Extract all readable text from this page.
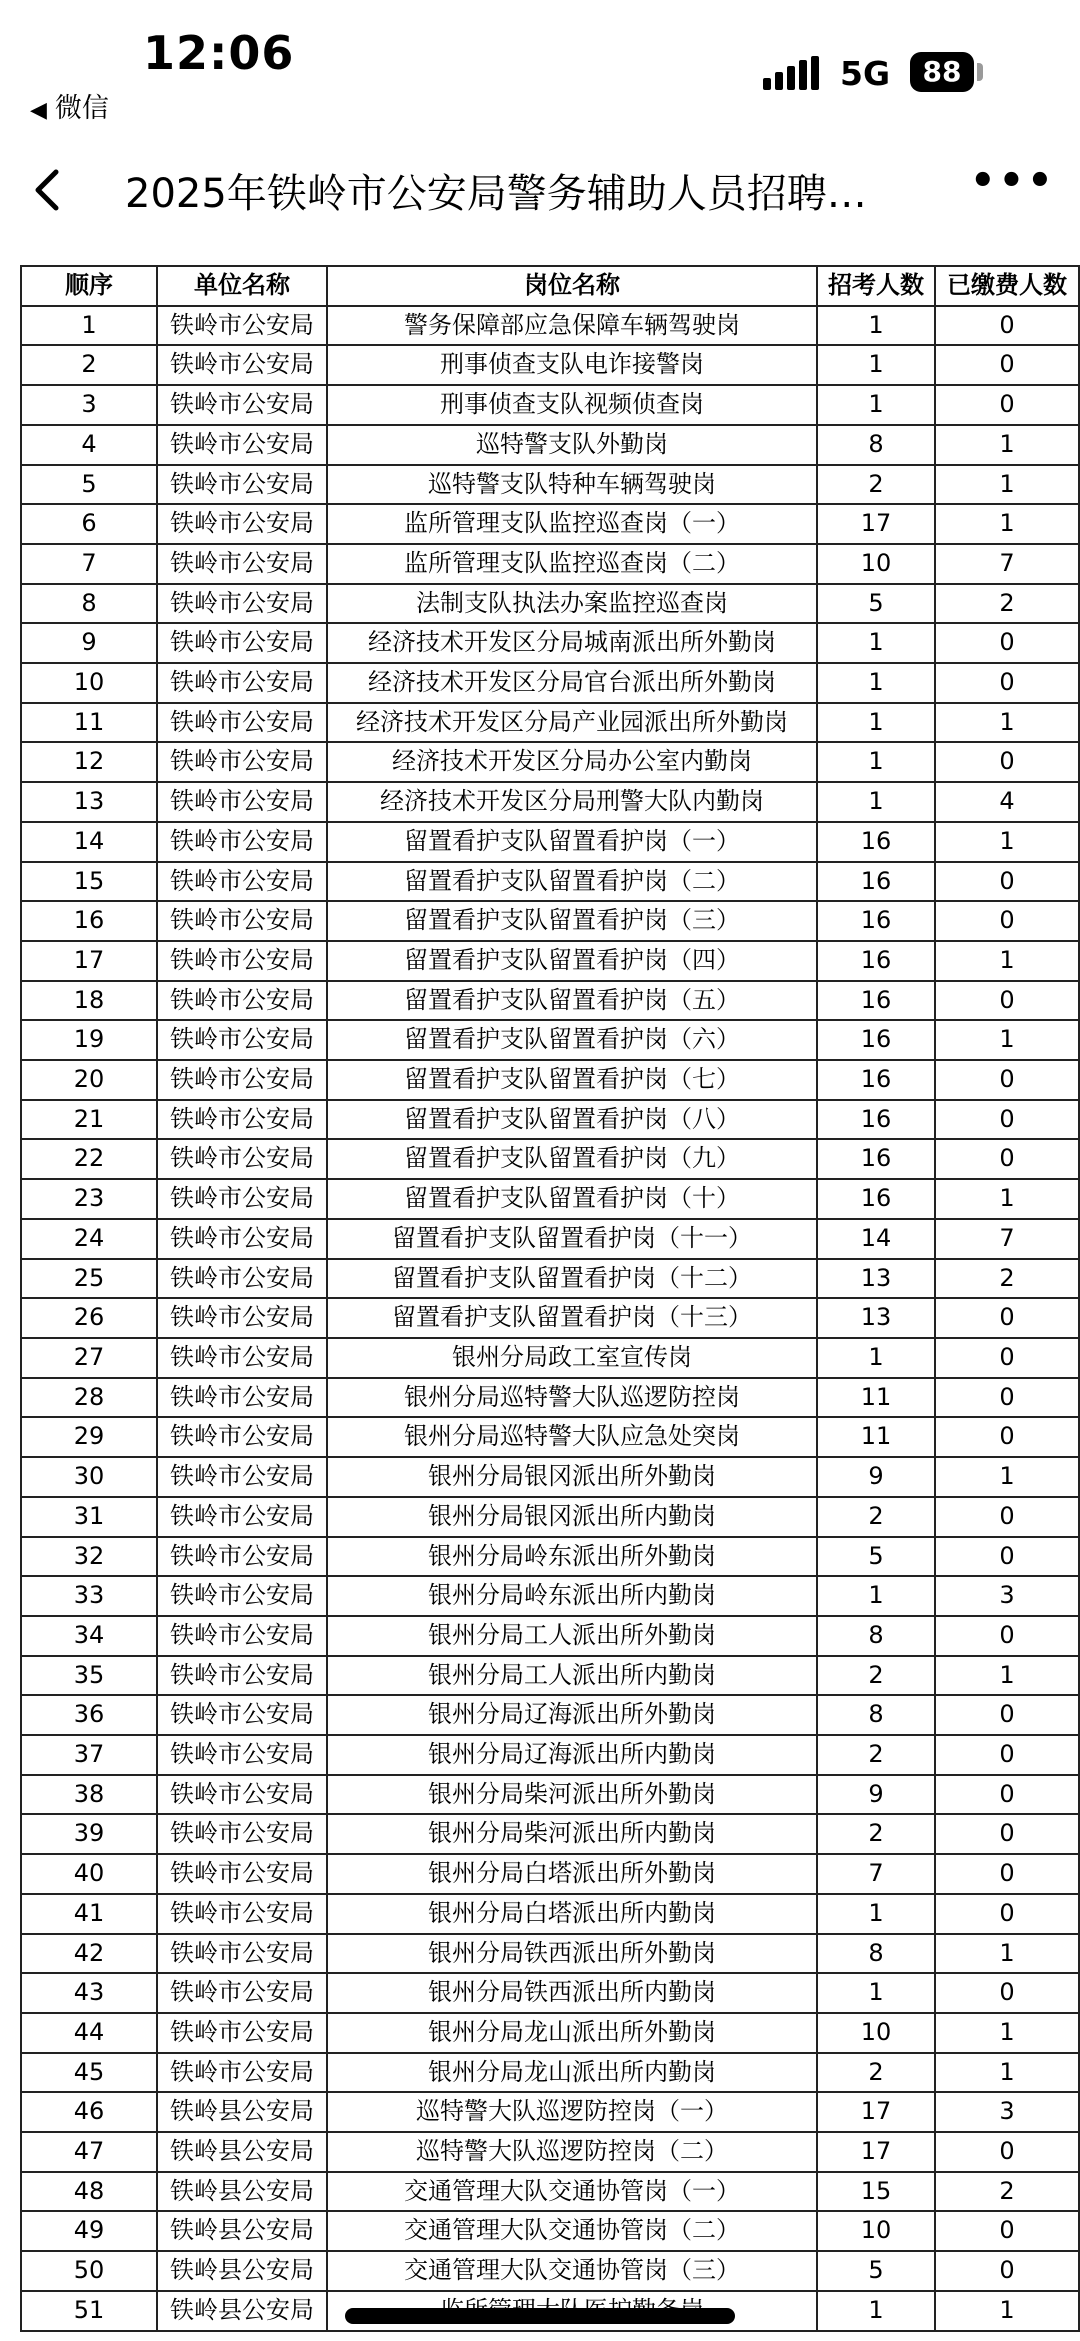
12:06
◀ 微信
5G	88
2025年铁岭市公安局警务辅助人员招聘…	•••
顺序	单位名称	岗位名称	招考人数	已缴费人数
1	铁岭市公安局	警务保障部应急保障车辆驾驶岗	1	0
2	铁岭市公安局	刑事侦查支队电诈接警岗	1	0
3	铁岭市公安局	刑事侦查支队视频侦查岗	1	0
4	铁岭市公安局	巡特警支队外勤岗	8	1
5	铁岭市公安局	巡特警支队特种车辆驾驶岗	2	1
6	铁岭市公安局	监所管理支队监控巡查岗（一）	17	1
7	铁岭市公安局	监所管理支队监控巡查岗（二）	10	7
8	铁岭市公安局	法制支队执法办案监控巡查岗	5	2
9	铁岭市公安局	经济技术开发区分局城南派出所外勤岗	1	0
10	铁岭市公安局	经济技术开发区分局官台派出所外勤岗	1	0
11	铁岭市公安局	经济技术开发区分局产业园派出所外勤岗	1	1
12	铁岭市公安局	经济技术开发区分局办公室内勤岗	1	0
13	铁岭市公安局	经济技术开发区分局刑警大队内勤岗	1	4
14	铁岭市公安局	留置看护支队留置看护岗（一）	16	1
15	铁岭市公安局	留置看护支队留置看护岗（二）	16	0
16	铁岭市公安局	留置看护支队留置看护岗（三）	16	0
17	铁岭市公安局	留置看护支队留置看护岗（四）	16	1
18	铁岭市公安局	留置看护支队留置看护岗（五）	16	0
19	铁岭市公安局	留置看护支队留置看护岗（六）	16	1
20	铁岭市公安局	留置看护支队留置看护岗（七）	16	0
21	铁岭市公安局	留置看护支队留置看护岗（八）	16	0
22	铁岭市公安局	留置看护支队留置看护岗（九）	16	0
23	铁岭市公安局	留置看护支队留置看护岗（十）	16	1
24	铁岭市公安局	留置看护支队留置看护岗（十一）	14	7
25	铁岭市公安局	留置看护支队留置看护岗（十二）	13	2
26	铁岭市公安局	留置看护支队留置看护岗（十三）	13	0
27	铁岭市公安局	银州分局政工室宣传岗	1	0
28	铁岭市公安局	银州分局巡特警大队巡逻防控岗	11	0
29	铁岭市公安局	银州分局巡特警大队应急处突岗	11	0
30	铁岭市公安局	银州分局银冈派出所外勤岗	9	1
31	铁岭市公安局	银州分局银冈派出所内勤岗	2	0
32	铁岭市公安局	银州分局岭东派出所外勤岗	5	0
33	铁岭市公安局	银州分局岭东派出所内勤岗	1	3
34	铁岭市公安局	银州分局工人派出所外勤岗	8	0
35	铁岭市公安局	银州分局工人派出所内勤岗	2	1
36	铁岭市公安局	银州分局辽海派出所外勤岗	8	0
37	铁岭市公安局	银州分局辽海派出所内勤岗	2	0
38	铁岭市公安局	银州分局柴河派出所外勤岗	9	0
39	铁岭市公安局	银州分局柴河派出所内勤岗	2	0
40	铁岭市公安局	银州分局白塔派出所外勤岗	7	0
41	铁岭市公安局	银州分局白塔派出所内勤岗	1	0
42	铁岭市公安局	银州分局铁西派出所外勤岗	8	1
43	铁岭市公安局	银州分局铁西派出所内勤岗	1	0
44	铁岭市公安局	银州分局龙山派出所外勤岗	10	1
45	铁岭市公安局	银州分局龙山派出所内勤岗	2	1
46	铁岭县公安局	巡特警大队巡逻防控岗（一）	17	3
47	铁岭县公安局	巡特警大队巡逻防控岗（二）	17	0
48	铁岭县公安局	交通管理大队交通协管岗（一）	15	2
49	铁岭县公安局	交通管理大队交通协管岗（二）	10	0
50	铁岭县公安局	交通管理大队交通协管岗（三）	5	0
51	铁岭县公安局		1	1
